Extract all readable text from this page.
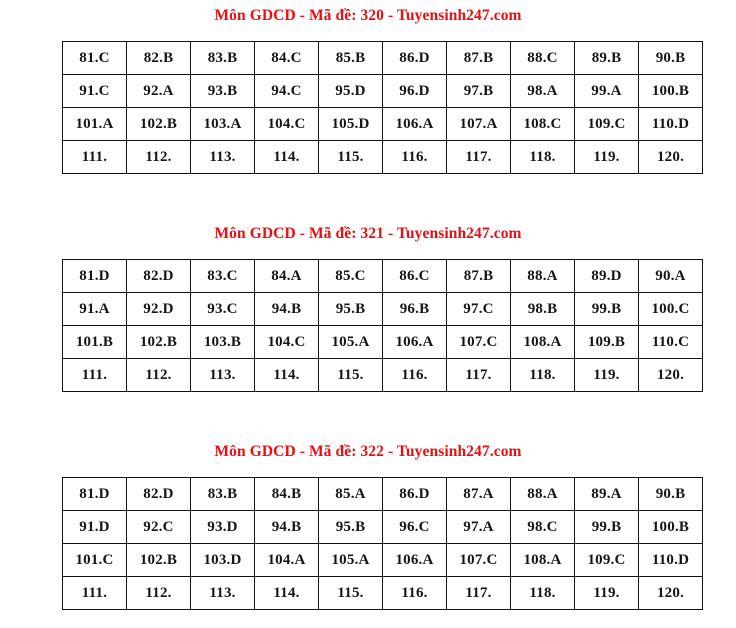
Môn GDCD - Mã đề: 320 - Tuyensinh247.com
81.C	82.B	83.B	84.C	85.B	86.D	87.B	88.C	89.B	90.B
91.C	92.A	93.B	94.C	95.D	96.D	97.B	98.A	99.A	100.B
101.A	102.B	103.A	104.C	105.D	106.A	107.A	108.C	109.C	110.D
111.	112.	113.	114.	115.	116.	117.	118.	119.	120.
Môn GDCD - Mã đề: 321 - Tuyensinh247.com
81.D	82.D	83.C	84.A	85.C	86.C	87.B	88.A	89.D	90.A
91.A	92.D	93.C	94.B	95.B	96.B	97.C	98.B	99.B	100.C
101.B	102.B	103.B	104.C	105.A	106.A	107.C	108.A	109.B	110.C
111.	112.	113.	114.	115.	116.	117.	118.	119.	120.
Môn GDCD - Mã đề: 322 - Tuyensinh247.com
81.D	82.D	83.B	84.B	85.A	86.D	87.A	88.A	89.A	90.B
91.D	92.C	93.D	94.B	95.B	96.C	97.A	98.C	99.B	100.B
101.C	102.B	103.D	104.A	105.A	106.A	107.C	108.A	109.C	110.D
111.	112.	113.	114.	115.	116.	117.	118.	119.	120.
